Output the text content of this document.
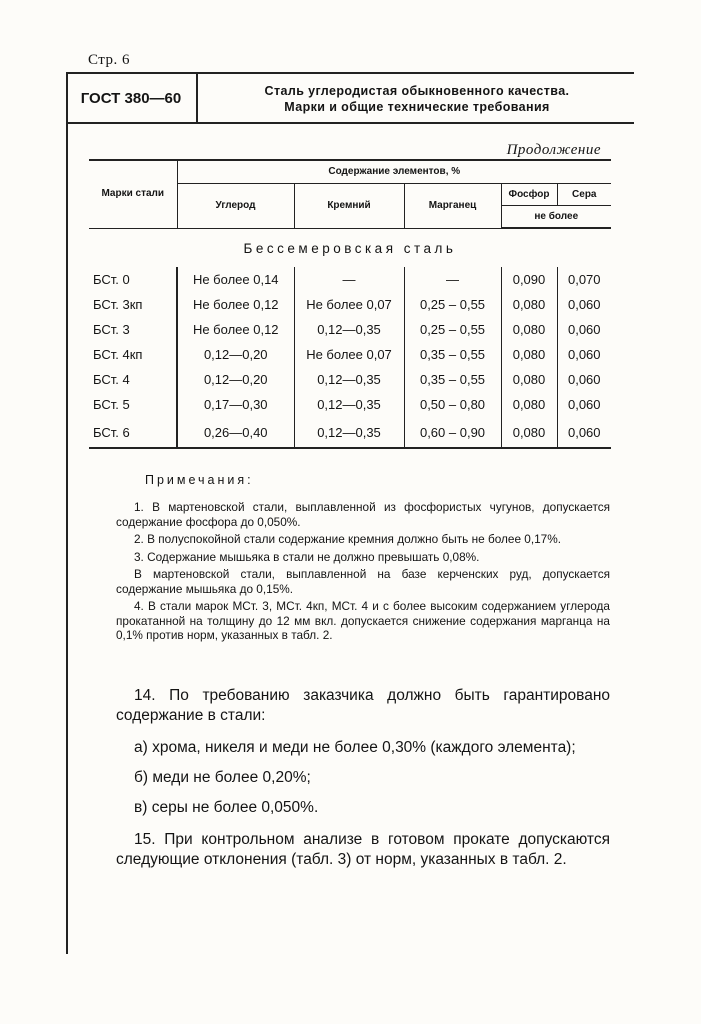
Стр. 6
ГОСТ 380—60	Сталь углеродистая обыкновенного качества.
Марки и общие технические требования
Продолжение
Марки стали	Содержание элементов, %				
	Углерод	Кремний	Марганец	Фосфор	Сера
				не более	
Бессемеровская сталь					
БСт. 0	Не более 0,14	—	—	0,090	0,070
БСт. 3кп	Не более 0,12	Не более 0,07	0,25 – 0,55	0,080	0,060
БСт. 3	Не более 0,12	0,12—0,35	0,25 – 0,55	0,080	0,060
БСт. 4кп	0,12—0,20	Не более 0,07	0,35 – 0,55	0,080	0,060
БСт. 4	0,12—0,20	0,12—0,35	0,35 – 0,55	0,080	0,060
БСт. 5	0,17—0,30	0,12—0,35	0,50 – 0,80	0,080	0,060
БСт. 6	0,26—0,40	0,12—0,35	0,60 – 0,90	0,080	0,060
Примечания:

1. В мартеновской стали, выплавленной из фосфористых чугунов, допускается содержание фосфора до 0,050%.

2. В полуспокойной стали содержание кремния должно быть не более 0,17%.

3. Содержание мышьяка в стали не должно превышать 0,08%.

В мартеновской стали, выплавленной на базе керченских руд, допускается содержание мышьяка до 0,15%.

4. В стали марок МСт. 3, МСт. 4кп, МСт. 4 и с более высоким содержанием углерода прокатанной на толщину до 12 мм вкл. допускается снижение содержания марганца на 0,1% против норм, указанных в табл. 2.

14. По требованию заказчика должно быть гарантировано содержание в стали:

а) хрома, никеля и меди не более 0,30% (каждого элемента);

б) меди не более 0,20%;

в) серы не более 0,050%.

15. При контрольном анализе в готовом прокате допускаются следующие отклонения (табл. 3) от норм, указанных в табл. 2.
